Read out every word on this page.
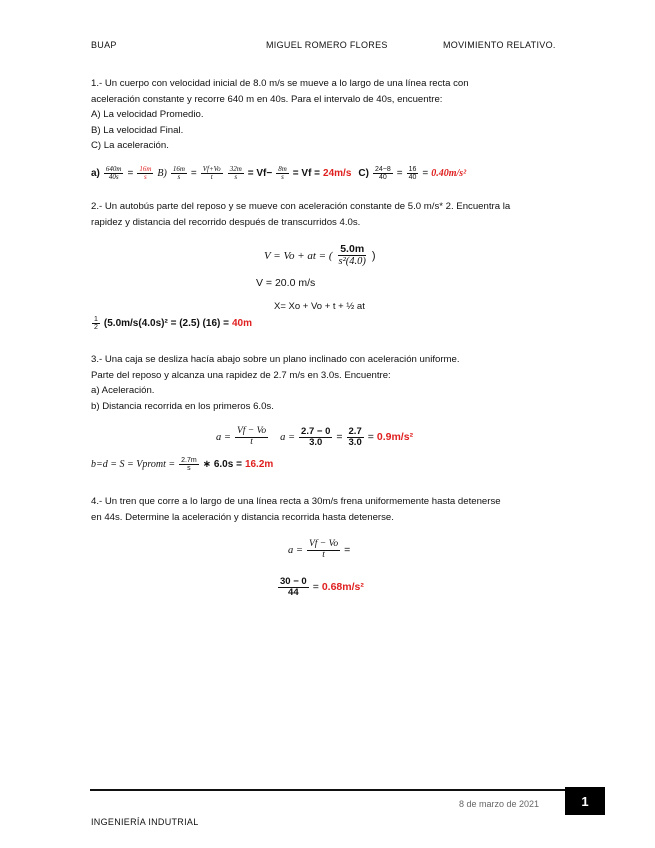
BUAP	MIGUEL ROMERO FLORES	MOVIMIENTO RELATIVO.
1.- Un cuerpo con velocidad inicial de 8.0 m/s se mueve a lo largo de una línea recta con
aceleración constante y recorre 640 m en 40s. Para el intervalo de 40s, encuentre:
A) La velocidad Promedio.
B) La velocidad Final.
C) La aceleración.
$a) \frac{640m}{40s} = \frac{16m}{s} B) \frac{16m}{s} = \frac{Vf+Vo}{t} \frac{32m}{s} = Vf- \frac{8m}{s} = Vf = 24m/s$ $C) \frac{24-8}{40} = \frac{16}{40} = 0.40m/s^2$
2.- Un autobús parte del reposo y se mueve con aceleración constante de 5.0 m/s* 2. Encuentra la
rapidez y distancia del recorrido después de transcurridos 4.0s.
V = Vo + at = ( $\frac{5.0m}{\text{s²(4.0)}}$ )
V = 20.0 m/s
X= Xo + Vo + t + ½ at
$\frac{1}{2} (5.0m/s(4.0s)^2 = (2.5) (16) = 40m$
3.- Una caja se desliza hacía abajo sobre un plano inclinado con aceleración uniforme.
Parte del reposo y alcanza una rapidez de 2.7 m/s en 3.0s. Encuentre:
a) Aceleración.
b) Distancia recorrida en los primeros 6.0s.
$a = \frac{Vf - Vo}{t}$ $a = \frac{2.7 - 0}{3.0} = \frac{2.7}{3.0} = 0.9m/s^2$
b=d = S = Vpromt = $\frac{2.7m}{s}$ ∗ 6.0s = 16.2m
4.- Un tren que corre a lo largo de una línea recta a 30m/s frena uniformemente hasta detenerse
en 44s. Determine la aceleración y distancia recorrida hasta detenerse.
$a = \frac{Vf - Vo}{t}$ =
$\frac{30 - 0}{44} = 0.68m/s^2$
8 de marzo de 2021	1
INGENIERÍA INDUTRIAL
